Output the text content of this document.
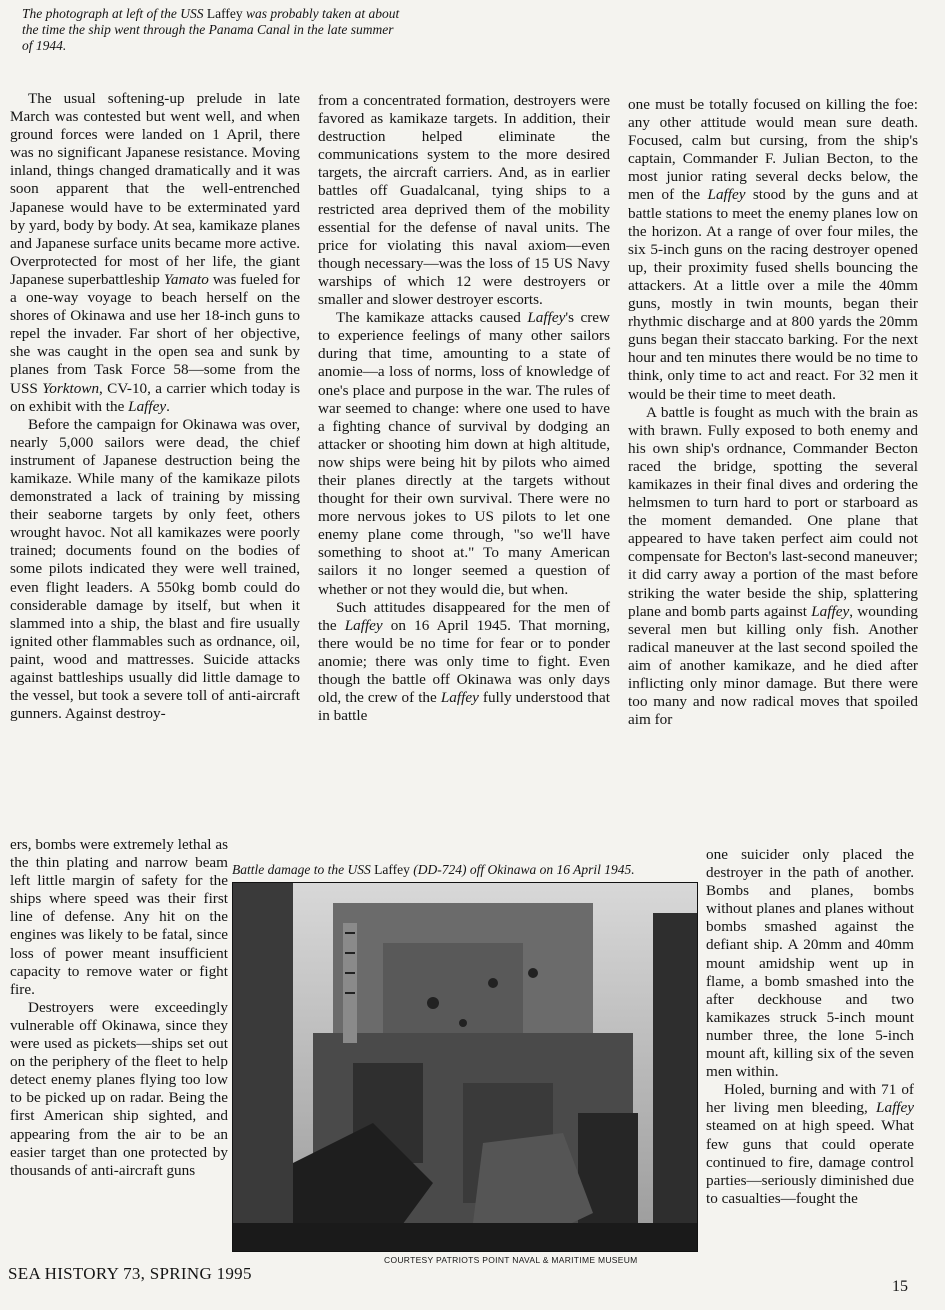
The photograph at left of the USS Laffey was probably taken at about the time the ship went through the Panama Canal in the late summer of 1944.

The usual softening-up prelude in late March was contested but went well, and when ground forces were landed on 1 April, there was no significant Japanese resistance. Moving inland, things changed dramatically and it was soon apparent that the well-entrenched Japanese would have to be exterminated yard by yard, body by body. At sea, kamikaze planes and Japanese surface units became more active. Overprotected for most of her life, the giant Japanese superbattleship Yamato was fueled for a one-way voyage to beach herself on the shores of Okinawa and use her 18-inch guns to repel the invader. Far short of her objective, she was caught in the open sea and sunk by planes from Task Force 58—some from the USS Yorktown, CV-10, a carrier which today is on exhibit with the Laffey.

Before the campaign for Okinawa was over, nearly 5,000 sailors were dead, the chief instrument of Japanese destruction being the kamikaze. While many of the kamikaze pilots demonstrated a lack of training by missing their seaborne targets by only feet, others wrought havoc. Not all kamikazes were poorly trained; documents found on the bodies of some pilots indicated they were well trained, even flight leaders. A 550kg bomb could do considerable damage by itself, but when it slammed into a ship, the blast and fire usually ignited other flammables such as ordnance, oil, paint, wood and mattresses. Suicide attacks against battleships usually did little damage to the vessel, but took a severe toll of anti-aircraft gunners. Against destroy-

ers, bombs were extremely lethal as the thin plating and narrow beam left little margin of safety for the ships where speed was their first line of defense. Any hit on the engines was likely to be fatal, since loss of power meant insufficient capacity to remove water or fight fire.

Destroyers were exceedingly vulnerable off Okinawa, since they were used as pickets—ships set out on the periphery of the fleet to help detect enemy planes flying too low to be picked up on radar. Being the first American ship sighted, and appearing from the air to be an easier target than one protected by thousands of anti-aircraft guns

from a concentrated formation, destroyers were favored as kamikaze targets. In addition, their destruction helped eliminate the communications system to the more desired targets, the aircraft carriers. And, as in earlier battles off Guadalcanal, tying ships to a restricted area deprived them of the mobility essential for the defense of naval units. The price for violating this naval axiom—even though necessary—was the loss of 15 US Navy warships of which 12 were destroyers or smaller and slower destroyer escorts.

The kamikaze attacks caused Laffey's crew to experience feelings of many other sailors during that time, amounting to a state of anomie—a loss of norms, loss of knowledge of one's place and purpose in the war. The rules of war seemed to change: where one used to have a fighting chance of survival by dodging an attacker or shooting him down at high altitude, now ships were being hit by pilots who aimed their planes directly at the targets without thought for their own survival. There were no more nervous jokes to US pilots to let one enemy plane come through, "so we'll have something to shoot at." To many American sailors it no longer seemed a question of whether or not they would die, but when.

Such attitudes disappeared for the men of the Laffey on 16 April 1945. That morning, there would be no time for fear or to ponder anomie; there was only time to fight. Even though the battle off Okinawa was only days old, the crew of the Laffey fully understood that in battle

one must be totally focused on killing the foe: any other attitude would mean sure death. Focused, calm but cursing, from the ship's captain, Commander F. Julian Becton, to the most junior rating several decks below, the men of the Laffey stood by the guns and at battle stations to meet the enemy planes low on the horizon. At a range of over four miles, the six 5-inch guns on the racing destroyer opened up, their proximity fused shells bouncing the attackers. At a little over a mile the 40mm guns, mostly in twin mounts, began their rhythmic discharge and at 800 yards the 20mm guns began their staccato barking. For the next hour and ten minutes there would be no time to think, only time to act and react. For 32 men it would be their time to meet death.

A battle is fought as much with the brain as with brawn. Fully exposed to both enemy and his own ship's ordnance, Commander Becton raced the bridge, spotting the several kamikazes in their final dives and ordering the helmsmen to turn hard to port or starboard as the moment demanded. One plane that appeared to have taken perfect aim could not compensate for Becton's last-second maneuver; it did carry away a portion of the mast before striking the water beside the ship, splattering plane and bomb parts against Laffey, wounding several men but killing only fish. Another radical maneuver at the last second spoiled the aim of another kamikaze, and he died after inflicting only minor damage. But there were too many and now radical moves that spoiled aim for

one suicider only placed the destroyer in the path of another. Bombs and planes, bombs without planes and planes without bombs smashed against the defiant ship. A 20mm and 40mm mount amidship went up in flame, a bomb smashed into the after deckhouse and two kamikazes struck 5-inch mount number three, the lone 5-inch mount aft, killing six of the seven men within.

Holed, burning and with 71 of her living men bleeding, Laffey steamed on at high speed. What few guns that could operate continued to fire, damage control parties—seriously diminished due to casualties—fought the

Battle damage to the USS Laffey (DD-724) off Okinawa on 16 April 1945.
COURTESY PATRIOTS POINT NAVAL & MARITIME MUSEUM
SEA HISTORY 73, SPRING 1995
15
